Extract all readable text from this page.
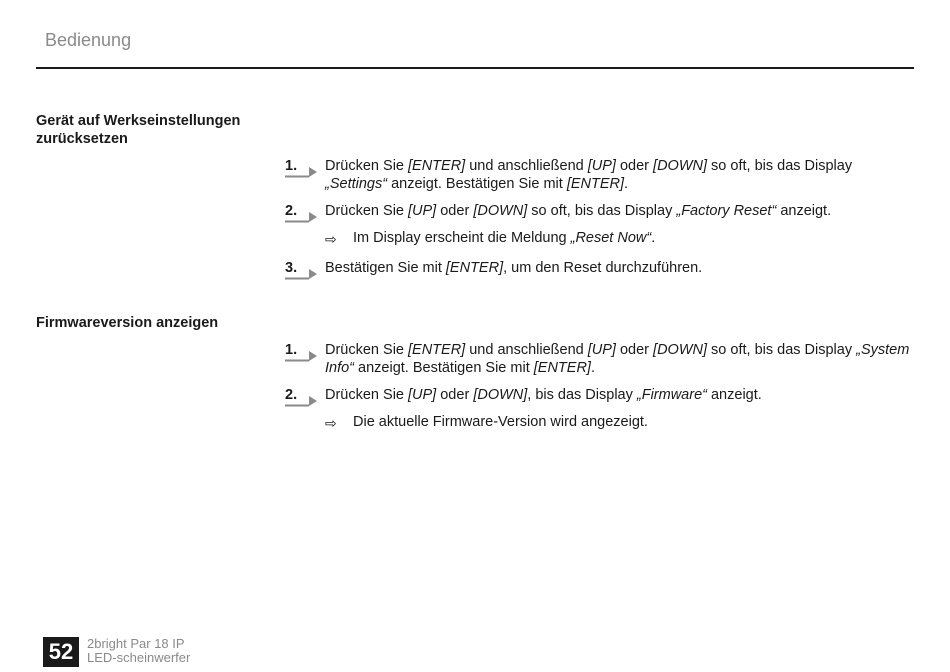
Bedienung
Gerät auf Werkseinstellungen
zurücksetzen
1. Drücken Sie [ENTER] und anschließend [UP] oder [DOWN] so oft, bis das Display
„Settings“ anzeigt. Bestätigen Sie mit [ENTER].
2. Drücken Sie [UP] oder [DOWN] so oft, bis das Display „Factory Reset“ anzeigt.
⇨ Im Display erscheint die Meldung „Reset Now“.
3. Bestätigen Sie mit [ENTER], um den Reset durchzuführen.
Firmwareversion anzeigen
1. Drücken Sie [ENTER] und anschließend [UP] oder [DOWN] so oft, bis das Display „System
Info“ anzeigt. Bestätigen Sie mit [ENTER].
2. Drücken Sie [UP] oder [DOWN], bis das Display „Firmware“ anzeigt.
⇨ Die aktuelle Firmware-Version wird angezeigt.
52	2bright Par 18 IP
LED-scheinwerfer
